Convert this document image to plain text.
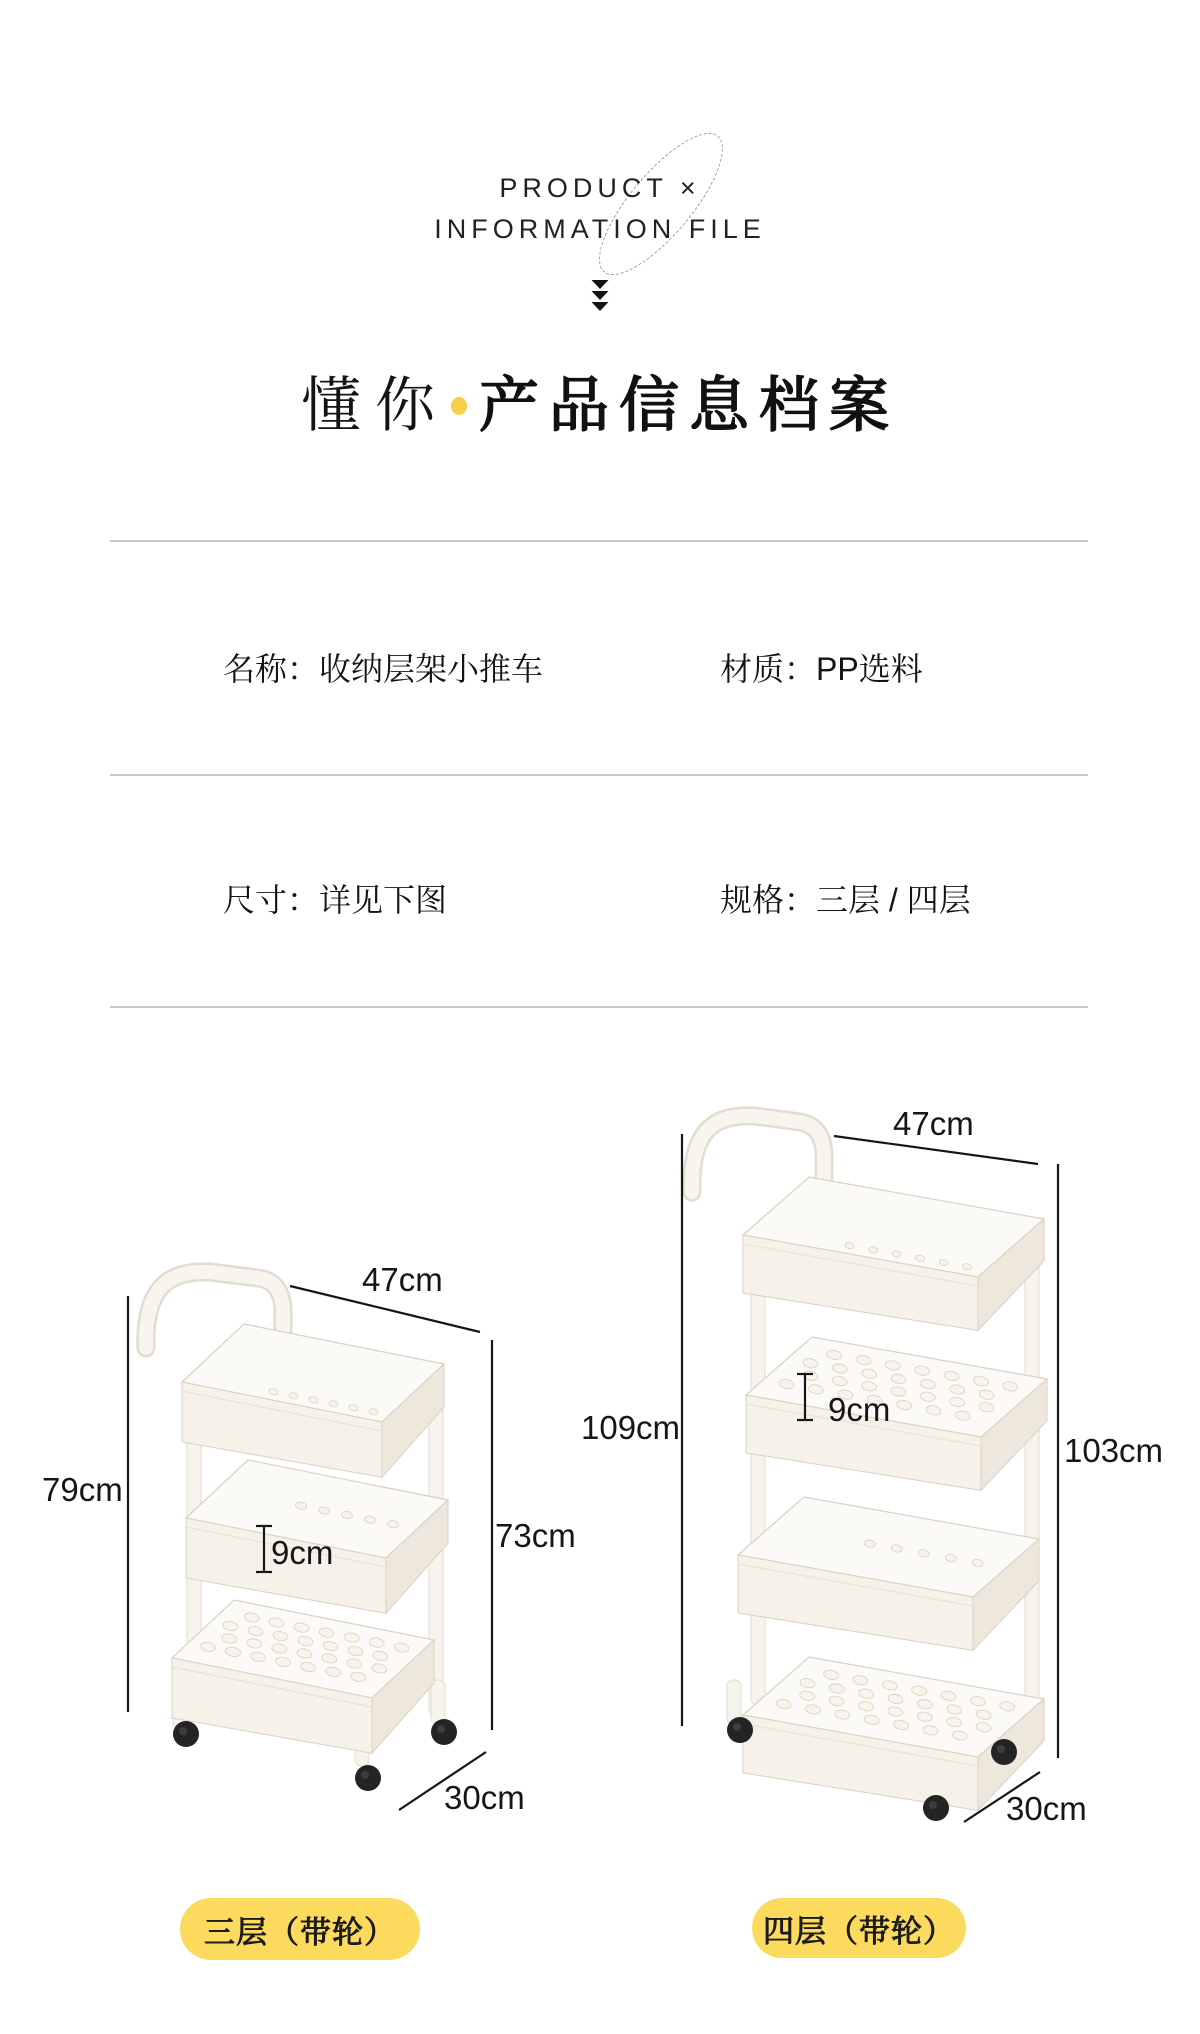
PRODUCT ×
INFORMATION FILE
懂你 产品信息档案
名称：收纳层架小推车	材质：PP选料
尺寸：详见下图	规格：三层 / 四层
47cm
79cm
9cm	73cm
30cm
47cm
109cm	9cm
103cm
30cm
三层（带轮）	四层（带轮）
